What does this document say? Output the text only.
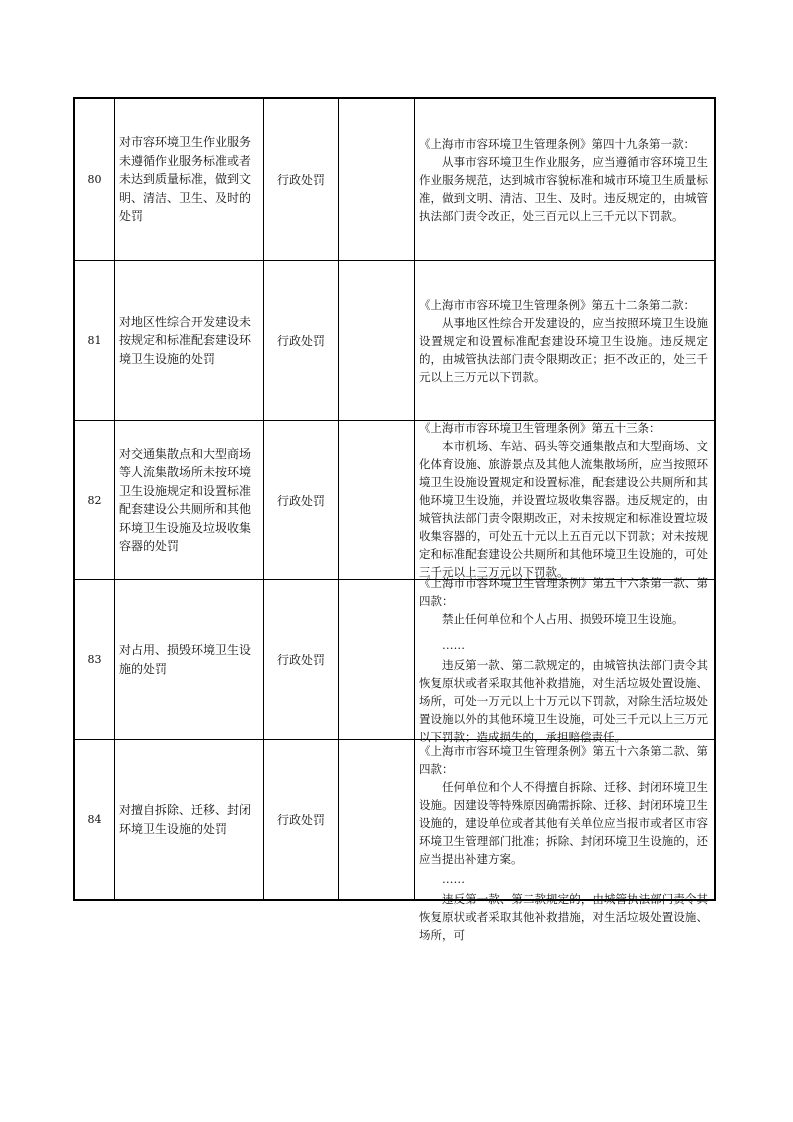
80
对市容环境卫生作业服务未遵循作业服务标准或者未达到质量标准，做到文明、清洁、卫生、及时的处罚
行政处罚

《上海市市容环境卫生管理条例》第四十九条第一款：

从事市容环境卫生作业服务，应当遵循市容环境卫生作业服务规范，达到城市容貌标准和城市环境卫生质量标准，做到文明、清洁、卫生、及时。违反规定的，由城管执法部门责令改正，处三百元以上三千元以下罚款。

81
对地区性综合开发建设未按规定和标准配套建设环境卫生设施的处罚
行政处罚

《上海市市容环境卫生管理条例》第五十二条第二款：

从事地区性综合开发建设的，应当按照环境卫生设施设置规定和设置标准配套建设环境卫生设施。违反规定的，由城管执法部门责令限期改正；拒不改正的，处三千元以上三万元以下罚款。

82
对交通集散点和大型商场等人流集散场所未按环境卫生设施规定和设置标准配套建设公共厕所和其他环境卫生设施及垃圾收集容器的处罚
行政处罚

《上海市市容环境卫生管理条例》第五十三条：

本市机场、车站、码头等交通集散点和大型商场、文化体育设施、旅游景点及其他人流集散场所，应当按照环境卫生设施设置规定和设置标准，配套建设公共厕所和其他环境卫生设施，并设置垃圾收集容器。违反规定的，由城管执法部门责令限期改正，对未按规定和标准设置垃圾收集容器的，可处五十元以上五百元以下罚款；对未按规定和标准配套建设公共厕所和其他环境卫生设施的，可处三千元以上三万元以下罚款。

83
对占用、损毁环境卫生设施的处罚
行政处罚

《上海市市容环境卫生管理条例》第五十六条第一款、第四款：

禁止任何单位和个人占用、损毁环境卫生设施。

……

违反第一款、第二款规定的，由城管执法部门责令其恢复原状或者采取其他补救措施，对生活垃圾处置设施、场所，可处一万元以上十万元以下罚款，对除生活垃圾处置设施以外的其他环境卫生设施，可处三千元以上三万元以下罚款；造成损失的，承担赔偿责任。

84
对擅自拆除、迁移、封闭环境卫生设施的处罚
行政处罚

《上海市市容环境卫生管理条例》第五十六条第二款、第四款：

任何单位和个人不得擅自拆除、迁移、封闭环境卫生设施。因建设等特殊原因确需拆除、迁移、封闭环境卫生设施的，建设单位或者其他有关单位应当报市或者区市容环境卫生管理部门批准；拆除、封闭环境卫生设施的，还应当提出补建方案。

……

违反第一款、第二款规定的，由城管执法部门责令其恢复原状或者采取其他补救措施，对生活垃圾处置设施、场所，可
